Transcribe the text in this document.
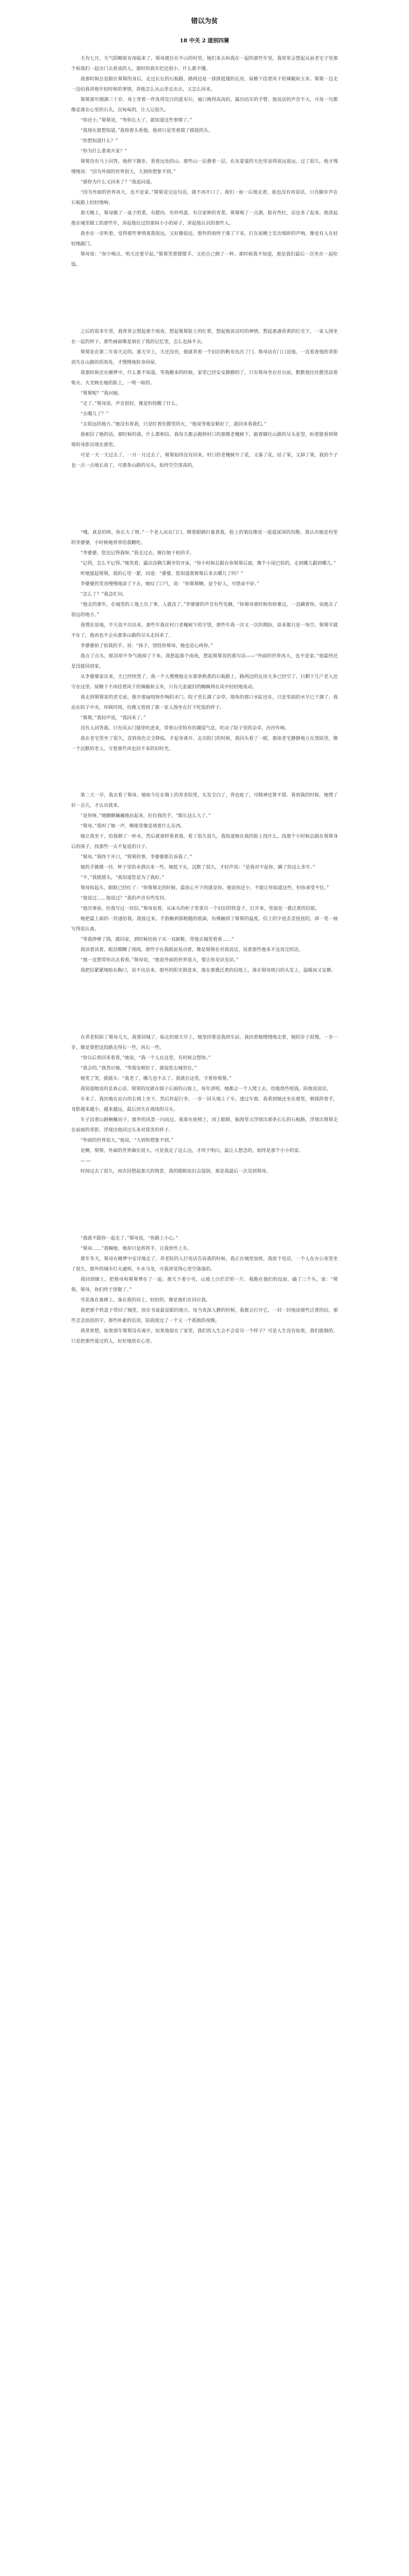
错以为贫
18 中关 2 道别四舅

天有七月，天气阴晦欲有雨临来了，舅母就住在半山的村里。她们来去和我在一起的那些年里，我常常会想起从前老宅子里那个和我们一起出门去看戏的人，那时的我年纪还很小，什么都不懂。

我那时候总是跟在舅舅的身后，走过长长的石板路，路两边是一排排低矮的瓦房，屋檐下挂着风干的辣椒和玉米。舅舅一边走一边给我讲他年轻时候的事情，讲他怎么从山里走出去，又怎么回来。

舅舅那年刚满三十岁，身上穿着一件洗得发白的蓝布衫，袖口挽得高高的，露出结实的手臂。他说话的声音不大，可每一句都像是落在心里的石头，沉甸甸的，让人记很久。

“你还小，”舅舅说，“等你长大了，就知道这些事情了。”

“我现在就想知道。”我仰着头看他，他却只是笑着摸了摸我的头。

“你想知道什么？”

“你为什么要离开家？”

舅舅没有马上回答，他停下脚步，看着远处的山。那些山一层叠着一层，在灰蒙蒙的天色里显得很远很远。过了很久，他才慢慢地说：“因为外面的世界很大，大到你想象不到。”

“那你为什么又回来了？”我追问道。

“因为外面的世界再大，也不是家。”舅舅说完这句话，就不再开口了。我们一前一后地走着，谁也没有再说话，只有脚步声在石板路上轻轻地响。

那天晚上，舅母做了一桌子的菜，有腊肉、有炒鸡蛋、有自家种的青菜。舅舅喝了一点酒，脸有些红，话也多了起来。他讲起他在城里做工的那些年，讲起他住过的那间小小的屋子，讲起他认识的那些人。

我坐在一旁听着，觉得那些事情离我很远，又好像很近。窗外的雨终于落了下来，打在屋檐上发出细碎的声响，像是有人在轻轻地敲门。

舅母说：“你少喝点，明天还要早起。”舅舅笑着摆摆手，又给自己倒了一杯。那时候我不知道，那是我们最后一次坐在一起吃饭。

之后的很多年里，我常常会想起那个雨夜。想起舅舅脸上的红晕，想起他说话时的神情，想起那盏昏黄的灯光下，一家人围坐在一起的样子。那些画面像是刻在了我的记忆里，怎么也抹不去。

舅舅是在第二年春天走的。那天早上，天还没亮，他就背着一个旧旧的帆布包出了门。舅母站在门口送他，一直看着他的背影消失在山路的拐角处，才慢慢地转身回屋。

我那时候还在睡梦中，什么都不知道。等我醒来的时候，家里已经安安静静的了，只有舅母坐在灶台前，默默地往灶膛里添着柴火。火光映在她的脸上，一明一暗的。

“舅舅呢？”我问她。

“走了。”舅母说，声音很轻，像是怕惊醒了什么。

“去哪儿了？”

“去很远的地方。”她没有看我，只是盯着灶膛里的火，“他说等他安顿好了，就回来看我们。”

我相信了她的话。那时候的我，什么都相信。我每天都会跑到村口的那棵老槐树下，踮着脚往山路的尽头张望，盼着能看到舅舅的身影出现在那里。

可是一天一天过去了，一月一月过去了，舅舅始终没有回来。村口的老槐树开了花，又落了花，结了果，又掉了果，我的个子也一点一点地长高了，可那条山路的尽头，始终空空荡荡的。

“哦，真是的呀，你长大了呀。”一个老人站在门口，眯着眼睛打量着我，脸上的皱纹像是一道道深深的沟壑。我认出她是村里的李婆婆，小时候她常常给我糖吃。

“李婆婆，您还记得我呀。”我走过去，握住她干枯的手。

“记得，怎么不记得。”她笑着，露出没剩几颗牙的牙床，“你小时候总跟在你舅舅后面，像个小尾巴似的，走到哪儿跟到哪儿。”

听她提起舅舅，我的心里一紧，问道：“婆婆，您知道我舅舅后来去哪儿了吗？”

李婆婆的笑容慢慢地淡了下去，她叹了口气，说：“你舅舅啊，是个好人，可惜命不好。”

“怎么了？”我急忙问。

“他走的那年，在城里的工地上出了事，人就没了。”李婆婆的声音有些发颤，“你舅母那时候怕你难过，一直瞒着你，说他去了很远的地方。”

我愣在原地，半天说不出话来。那些年我在村口老槐树下的守望，那些年我一次又一次的期盼，原来都只是一场空。舅舅早就不在了，他再也不会从那条山路的尽头走回来了。

李婆婆拍了拍我的手，说：“孩子，别怪你舅母，她也是心疼你。”

我点了点头，眼泪却不争气地掉了下来。我想起那个雨夜，想起舅舅说的那句话——“外面的世界再大，也不是家。”他最终还是没能回到家。

从李婆婆家出来，天已经快黑了。我一个人慢慢地走在那条熟悉的石板路上，路两边的瓦房大多已经空了，只剩下几户老人还守在这里。屋檐下不再挂着风干的辣椒和玉米，只有几张破旧的蜘蛛网在风中轻轻地晃动。

我走到舅舅家的老宅前，推开那扇吱呀作响的木门。院子里长满了杂草，墙角的那口水缸还在，只是里面的水早已干涸了。我站在院子中央，环顾四周，仿佛又看到了那一家人围坐在灯下吃饭的样子。

“舅舅，”我轻声说，“我回来了。”

没有人回答我。只有风从门缝里吹进来，带着山里特有的潮湿气息，吹动了院子里的杂草，沙沙作响。

我在老宅里坐了很久，直到夜色完全降临，才起身离开。走出院门的时候，我回头看了一眼，那座老宅静静地立在黑暗里，像一个沉默的老人，守着那些再也回不来的旧时光。

第二天一早，我去看了舅母。她如今住在镇上的养老院里，头发全白了，背也驼了，可精神还算不错。看到我的时候，她愣了好一会儿，才认出我来。

“是你呀，”她颤颤巍巍地站起来，拉住我的手，“都长这么大了。”

“舅母。”我叫了她一声，喉咙里像是堵着什么东西。

她让我坐下，给我倒了一杯水，然后就那样看着我，看了很久很久。我知道她在我的脸上找什么，找那个小时候总跟在舅舅身后的孩子，找那些一去不复返的日子。

“舅母，”我终于开口，“舅舅的事，李婆婆都告诉我了。”

她的手微微一抖，杯子里的水洒出来一些。她低下头，沉默了很久，才轻声说：“是我对不起你，瞒了你这么多年。”

“不，”我摇摇头，“我知道您是为了我好。”

舅母抬起头，眼眶已经红了：“你舅舅走的时候，最放心不下的就是你。他说你还小，不能让你知道这些，怕你承受不住。”

“他说过……他说过？”我的声音有些发抖。

“他出事前，给我写过一封信。”舅母说着，从床头的柜子里拿出一个旧旧的铁盒子，打开来，里面是一叠泛黄的信纸。

她把最上面的一封递给我。我接过来，手指触到那粗糙的纸面，仿佛触到了舅舅的温度。信上的字迹歪歪扭扭的，却一笔一画写得很认真。

“等我挣够了钱，就回家。到时候给孩子买一双新鞋，带他去城里看看……”

我读着读着，眼泪模糊了视线。那些字在我眼前晃动着，像是舅舅在对我说话，说着那些他来不及说完的话。

“他一直想带你出去看看，”舅母说，“他说外面的世界很大，要让你见识见识。”

我把信紧紧地贴在胸口，说不出话来。窗外的阳光照进来，落在那叠泛黄的信纸上，落在舅母斑白的头发上，温暖而又安静。

在养老院陪了舅母几天，我要回城了。临走的那天早上，她坚持要送我到车站。我扶着她慢慢地走着，她的步子很慢，一步一步，像是要把这段路走得长一些，再长一些。

“你以后常回来看看，”她说，“我一个人在这里，有时候会想你。”

“我会的。”我答应她，“等我安顿好了，就接您去城里住。”

她笑了笑，摇摇头：“我老了，哪儿也不去了。我就在这里，守着你舅舅。”

我知道她说的是真心话。舅舅的坟就在镇子后面的山坡上，每年清明，她都会一个人爬上去，给他烧些纸钱，陪他说说话。

车来了。我扶她在站台的长椅上坐下，然后拎起行李，一步一回头地上了车。透过车窗，我看到她还坐在那里，朝我挥着手，身影越来越小，越来越远，最后消失在视线的尽头。

车子沿着山路蜿蜒而下，窗外的风景一闪而过。我靠在座椅上，闭上眼睛，脑海里又浮现出那条长长的石板路，浮现出舅舅走在前面的背影，浮现出他回过头来对我笑的样子。

“外面的世界很大，”他说，“大到你想象不到。”

是啊，舅舅，外面的世界确实很大。可是我走了这么远，才终于明白，最让人想念的，始终是那个小小的家。

——

时间过去了很久，再次回想起那天的情景，我的眼眶依旧会湿润。那是我最后一次见到舅母。

“我就不跟你一起走了，”舅母说，“你路上小心。”

“舅母……”我喊她，她却只是挥挥手，让我快些上车。

那年冬天，舅母在睡梦中安详地走了。养老院的人打电话告诉我的时候，我正在城里加班。我放下电话，一个人在办公室里坐了很久，窗外的城市灯火通明，车水马龙，可我却觉得心里空落落的。

我回到镇上，把舅母和舅舅葬在了一起。那天下着小雪，山坡上白茫茫的一片。我跪在他们的坟前，磕了三个头，说：“舅舅，舅母，你们终于团聚了。”

雪花落在墓碑上，落在我的肩上，轻轻的，像是他们在回应我。

我把那个铁盒子带回了城里，放在书桌最显眼的地方。每当夜深人静的时候，我都会打开它，一封一封地读那些泛黄的信。那些歪歪扭扭的字，那些朴素的话语，陪我度过了一个又一个孤独的夜晚。

我常常想，如果那年舅舅没有离开，如果他留在了家里，我们的人生会不会是另一个样子？可是人生没有如果，我们能做的，只是把那些爱过的人，好好地放在心里。
